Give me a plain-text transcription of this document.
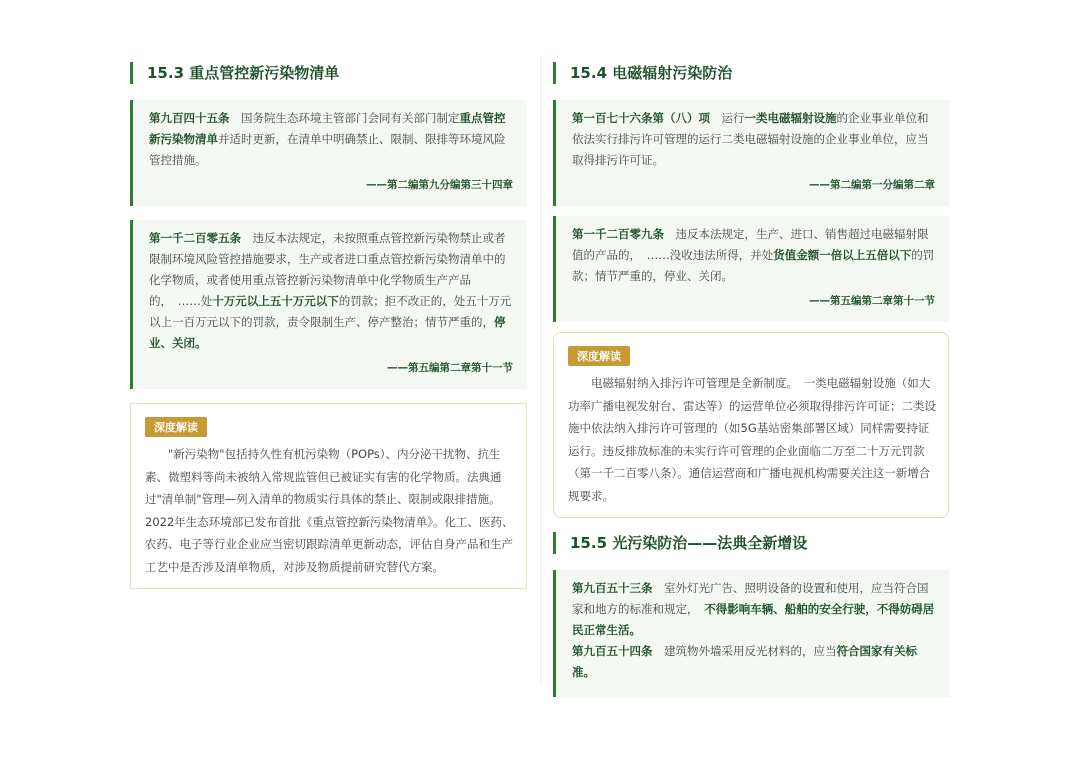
15.3 重点管控新污染物清单
第九百四十五条　国务院生态环境主管部门会同有关部门制定重点管控新污染物清单并适时更新，在清单中明确禁止、限制、限排等环境风险管控措施。
——第二编第九分编第三十四章
第一千二百零五条　违反本法规定，未按照重点管控新污染物禁止或者限制环境风险管控措施要求，生产或者进口重点管控新污染物清单中的化学物质，或者使用重点管控新污染物清单中化学物质生产产品的，　……处十万元以上五十万元以下的罚款；拒不改正的，处五十万元以上一百万元以下的罚款，责令限制生产、停产整治；情节严重的，停业、关闭。
——第五编第二章第十一节
深度解读
"新污染物"包括持久性有机污染物（POPs）、内分泌干扰物、抗生素、微塑料等尚未被纳入常规监管但已被证实有害的化学物质。法典通过"清单制"管理—列入清单的物质实行具体的禁止、限制或限排措施。2022年生态环境部已发布首批《重点管控新污染物清单》。化工、医药、农药、电子等行业企业应当密切跟踪清单更新动态，评估自身产品和生产工艺中是否涉及清单物质，对涉及物质提前研究替代方案。
15.4 电磁辐射污染防治
第一百七十六条第（八）项　运行一类电磁辐射设施的企业事业单位和依法实行排污许可管理的运行二类电磁辐射设施的企业事业单位，应当取得排污许可证。
——第二编第一分编第二章
第一千二百零九条　违反本法规定，生产、进口、销售超过电磁辐射限值的产品的，　……没收违法所得，并处货值金额一倍以上五倍以下的罚款；情节严重的，停业、关闭。
——第五编第二章第十一节
深度解读
电磁辐射纳入排污许可管理是全新制度。　一类电磁辐射设施（如大功率广播电视发射台、雷达等）的运营单位必须取得排污许可证；二类设施中依法纳入排污许可管理的（如5G基站密集部署区域）同样需要持证运行。违反排放标准的未实行许可管理的企业面临二万至二十万元罚款（第一千二百零八条）。通信运营商和广播电视机构需要关注这一新增合规要求。
15.5 光污染防治——法典全新增设
第九百五十三条　室外灯光广告、照明设备的设置和使用，应当符合国家和地方的标准和规定，　不得影响车辆、船舶的安全行驶，不得妨碍居民正常生活。
第九百五十四条　建筑物外墙采用反光材料的，应当符合国家有关标准。
